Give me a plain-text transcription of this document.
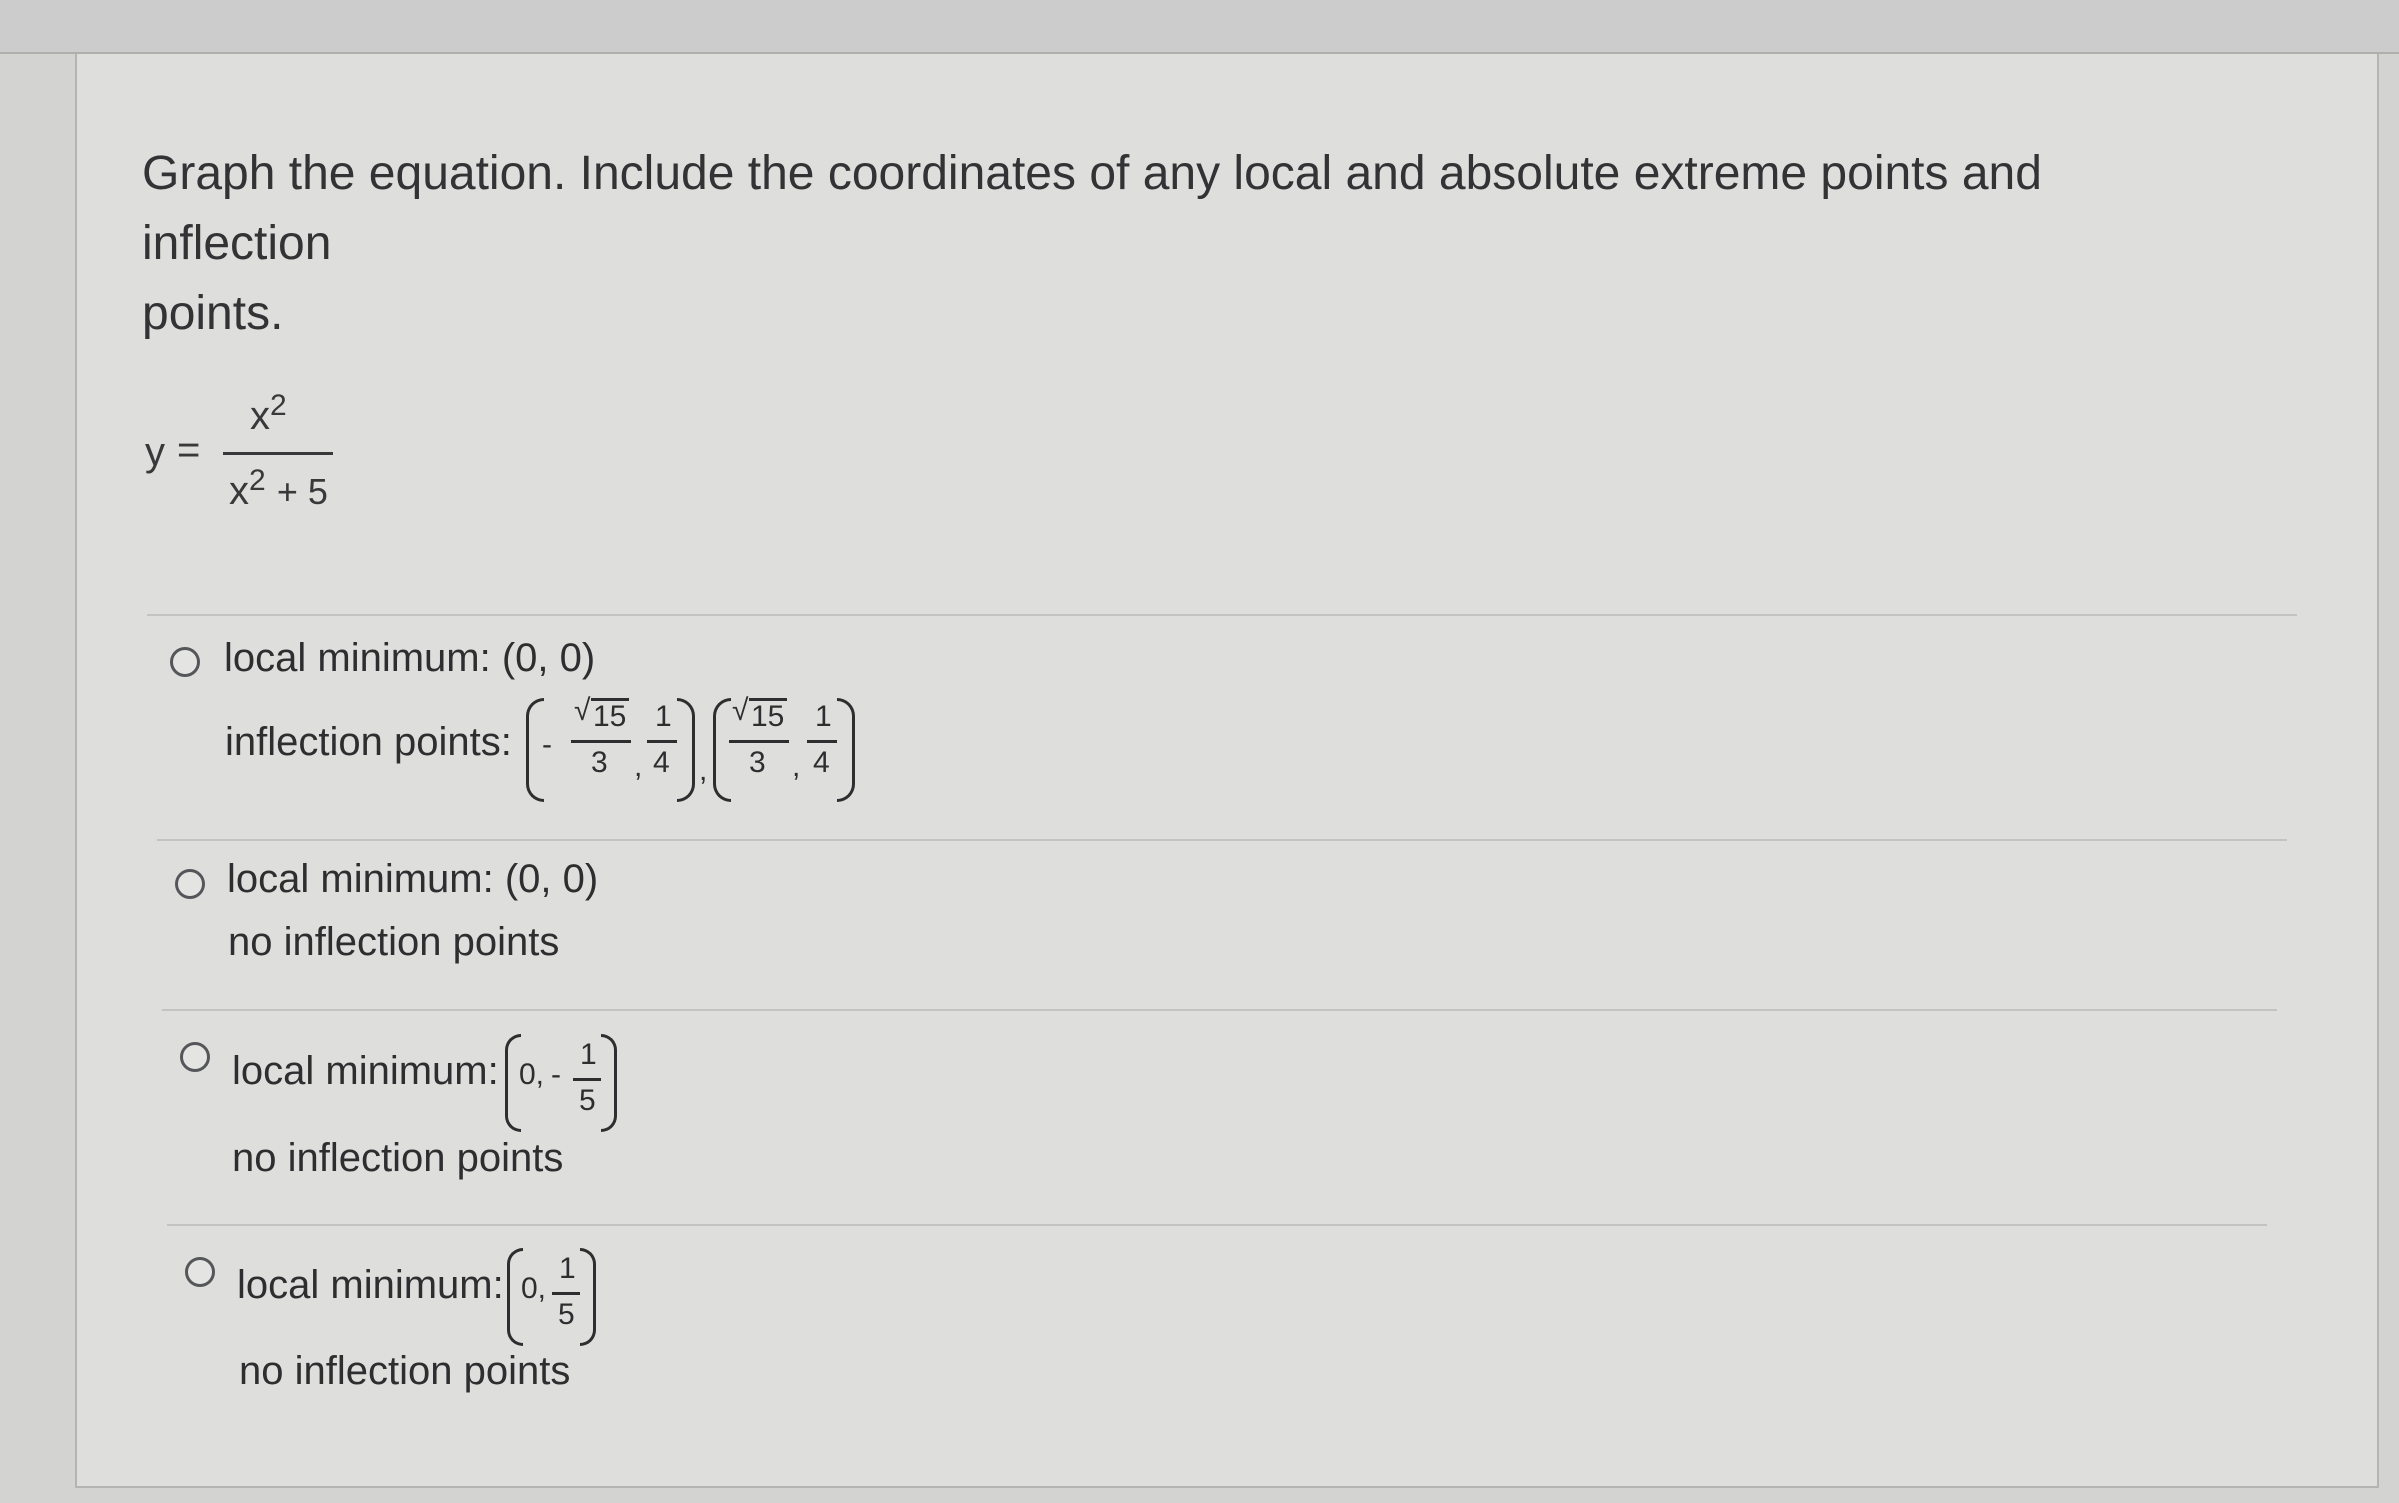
Graph the equation. Include the coordinates of any local and absolute extreme points and inflection
points.
y =
$x^2$
$x^2 + 5$
local minimum: (0, 0)
inflection points: -
√ 15
3 ,
1
4 ,
√ 15
3 ,
1
4
local minimum: (0, 0)
no inflection points
local minimum: 0, -
1
5
no inflection points
local minimum: 0,
1
5
no inflection points
